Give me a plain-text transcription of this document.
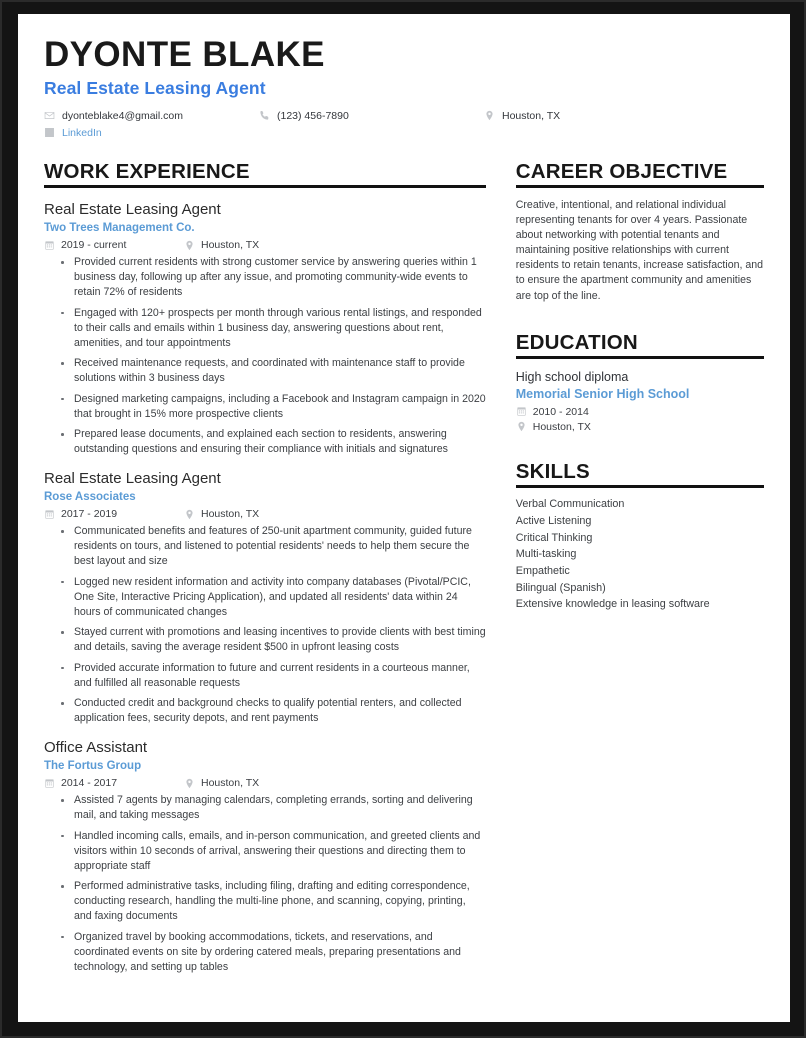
DYONTE BLAKE
Real Estate Leasing Agent
dyonteblake4@gmail.com	(123) 456-7890	Houston, TX
LinkedIn
WORK EXPERIENCE
Real Estate Leasing Agent
Two Trees Management Co.
2019 - current	Houston, TX
Provided current residents with strong customer service by answering queries within 1 business day, following up after any issue, and promoting community-wide events to retain 72% of residents
Engaged with 120+ prospects per month through various rental listings, and responded to their calls and emails within 1 business day, answering questions about rent, amenities, and tour appointments
Received maintenance requests, and coordinated with maintenance staff to provide solutions within 3 business days
Designed marketing campaigns, including a Facebook and Instagram campaign in 2020 that brought in 15% more prospective clients
Prepared lease documents, and explained each section to residents, answering outstanding questions and ensuring their compliance with initials and signatures
Real Estate Leasing Agent
Rose Associates
2017 - 2019	Houston, TX
Communicated benefits and features of 250-unit apartment community, guided future residents on tours, and listened to potential residents' needs to help them secure the best layout and size
Logged new resident information and activity into company databases (Pivotal/PCIC, One Site, Interactive Pricing Application), and updated all residents' data within 24 hours of communicated changes
Stayed current with promotions and leasing incentives to provide clients with best timing and details, saving the average resident $500 in upfront leasing costs
Provided accurate information to future and current residents in a courteous manner, and fulfilled all reasonable requests
Conducted credit and background checks to qualify potential renters, and collected application fees, security depots, and rent payments
Office Assistant
The Fortus Group
2014 - 2017	Houston, TX
Assisted 7 agents by managing calendars, completing errands, sorting and delivering mail, and taking messages
Handled incoming calls, emails, and in-person communication, and greeted clients and visitors within 10 seconds of arrival, answering their questions and directing them to appropriate staff
Performed administrative tasks, including filing, drafting and editing correspondence, conducting research, handling the multi-line phone, and scanning, copying, printing, and faxing documents
Organized travel by booking accommodations, tickets, and reservations, and coordinated events on site by ordering catered meals, preparing presentations and technology, and setting up tables
CAREER OBJECTIVE
Creative, intentional, and relational individual representing tenants for over 4 years. Passionate about networking with potential tenants and maintaining positive relationships with current residents to retain tenants, increase satisfaction, and to ensure the apartment community and amenities are top of the line.
EDUCATION
High school diploma
Memorial Senior High School
2010 - 2014
Houston, TX
SKILLS
Verbal Communication
Active Listening
Critical Thinking
Multi-tasking
Empathetic
Bilingual (Spanish)
Extensive knowledge in leasing software
